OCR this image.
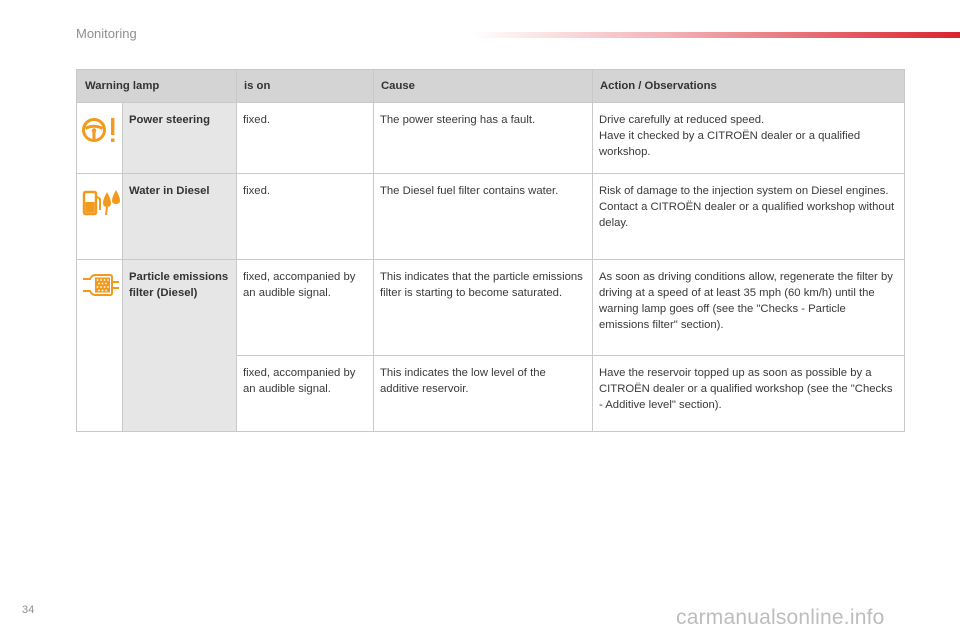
Monitoring
Warning lamp		is on	Cause	Action / Observations

	Power steering	fixed.	The power steering has a fault.	Drive carefully at reduced speed.
Have it checked by a CITROËN dealer or a qualified workshop.

	Water in Diesel	fixed.	The Diesel fuel filter contains water.	Risk of damage to the injection system on Diesel engines.
Contact a CITROËN dealer or a qualified workshop without delay.

	Particle emissions filter (Diesel)	fixed, accompanied by an audible signal.	This indicates that the particle emissions filter is starting to become saturated.	As soon as driving conditions allow, regenerate the filter by driving at a speed of at least 35 mph (60 km/h) until the warning lamp goes off (see the "Checks - Particle emissions filter" section).

		fixed, accompanied by an audible signal.	This indicates the low level of the additive reservoir.	Have the reservoir topped up as soon as possible by a CITROËN dealer or a qualified workshop (see the "Checks - Additive level" section).
34	carmanualsonline.info
